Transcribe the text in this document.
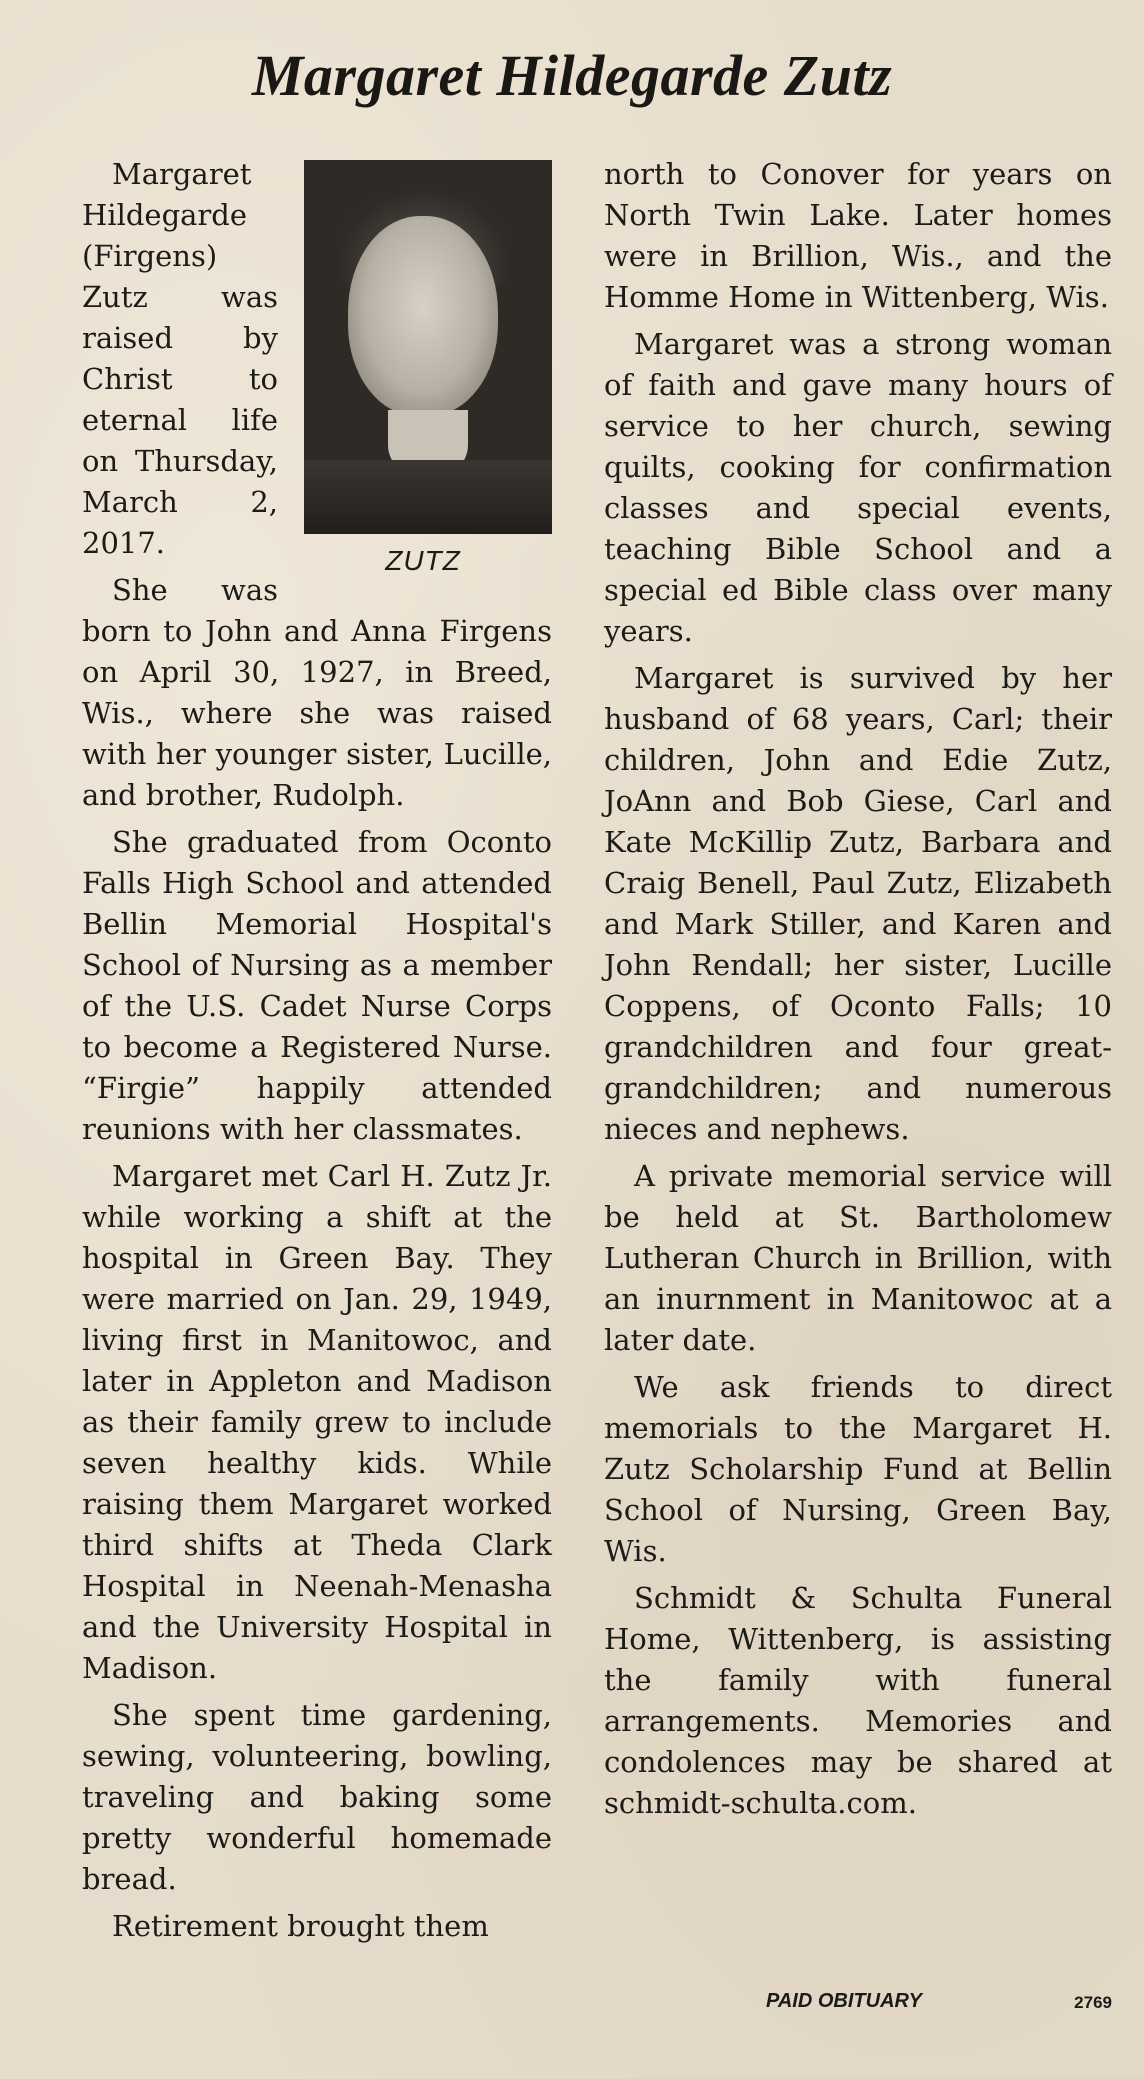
Margaret Hildegarde Zutz
ZUTZ

Margaret Hildegarde (Firgens) Zutz was raised by Christ to eternal life on Thursday, March 2, 2017.

She was born to John and Anna Firgens on April 30, 1927, in Breed, Wis., where she was raised with her younger sister, Lucille, and brother, Rudolph.

She graduated from Oconto Falls High School and attended Bellin Memorial Hospital's School of Nursing as a member of the U.S. Cadet Nurse Corps to become a Registered Nurse. “Firgie” happily attended reunions with her classmates.

Margaret met Carl H. Zutz Jr. while working a shift at the hospital in Green Bay. They were married on Jan. 29, 1949, living first in Manitowoc, and later in Appleton and Madison as their family grew to include seven healthy kids. While raising them Margaret worked third shifts at Theda Clark Hospital in Neenah-Menasha and the University Hospital in Madison.

She spent time gardening, sewing, volunteering, bowling, traveling and baking some pretty wonderful homemade bread.

Retirement brought them

north to Conover for years on North Twin Lake. Later homes were in Brillion, Wis., and the Homme Home in Wittenberg, Wis.

Margaret was a strong woman of faith and gave many hours of service to her church, sewing quilts, cooking for confirmation classes and special events, teaching Bible School and a special ed Bible class over many years.

Margaret is survived by her husband of 68 years, Carl; their children, John and Edie Zutz, JoAnn and Bob Giese, Carl and Kate McKillip Zutz, Barbara and Craig Benell, Paul Zutz, Elizabeth and Mark Stiller, and Karen and John Rendall; her sister, Lucille Coppens, of Oconto Falls; 10 grandchildren and four great-grandchildren; and numerous nieces and nephews.

A private memorial service will be held at St. Bartholomew Lutheran Church in Brillion, with an inurnment in Manitowoc at a later date.

We ask friends to direct memorials to the Margaret H. Zutz Scholarship Fund at Bellin School of Nursing, Green Bay, Wis.

Schmidt & Schulta Funeral Home, Wittenberg, is assisting the family with funeral arrangements. Memories and condolences may be shared at schmidt-schulta.com.

PAID OBITUARY	2769
